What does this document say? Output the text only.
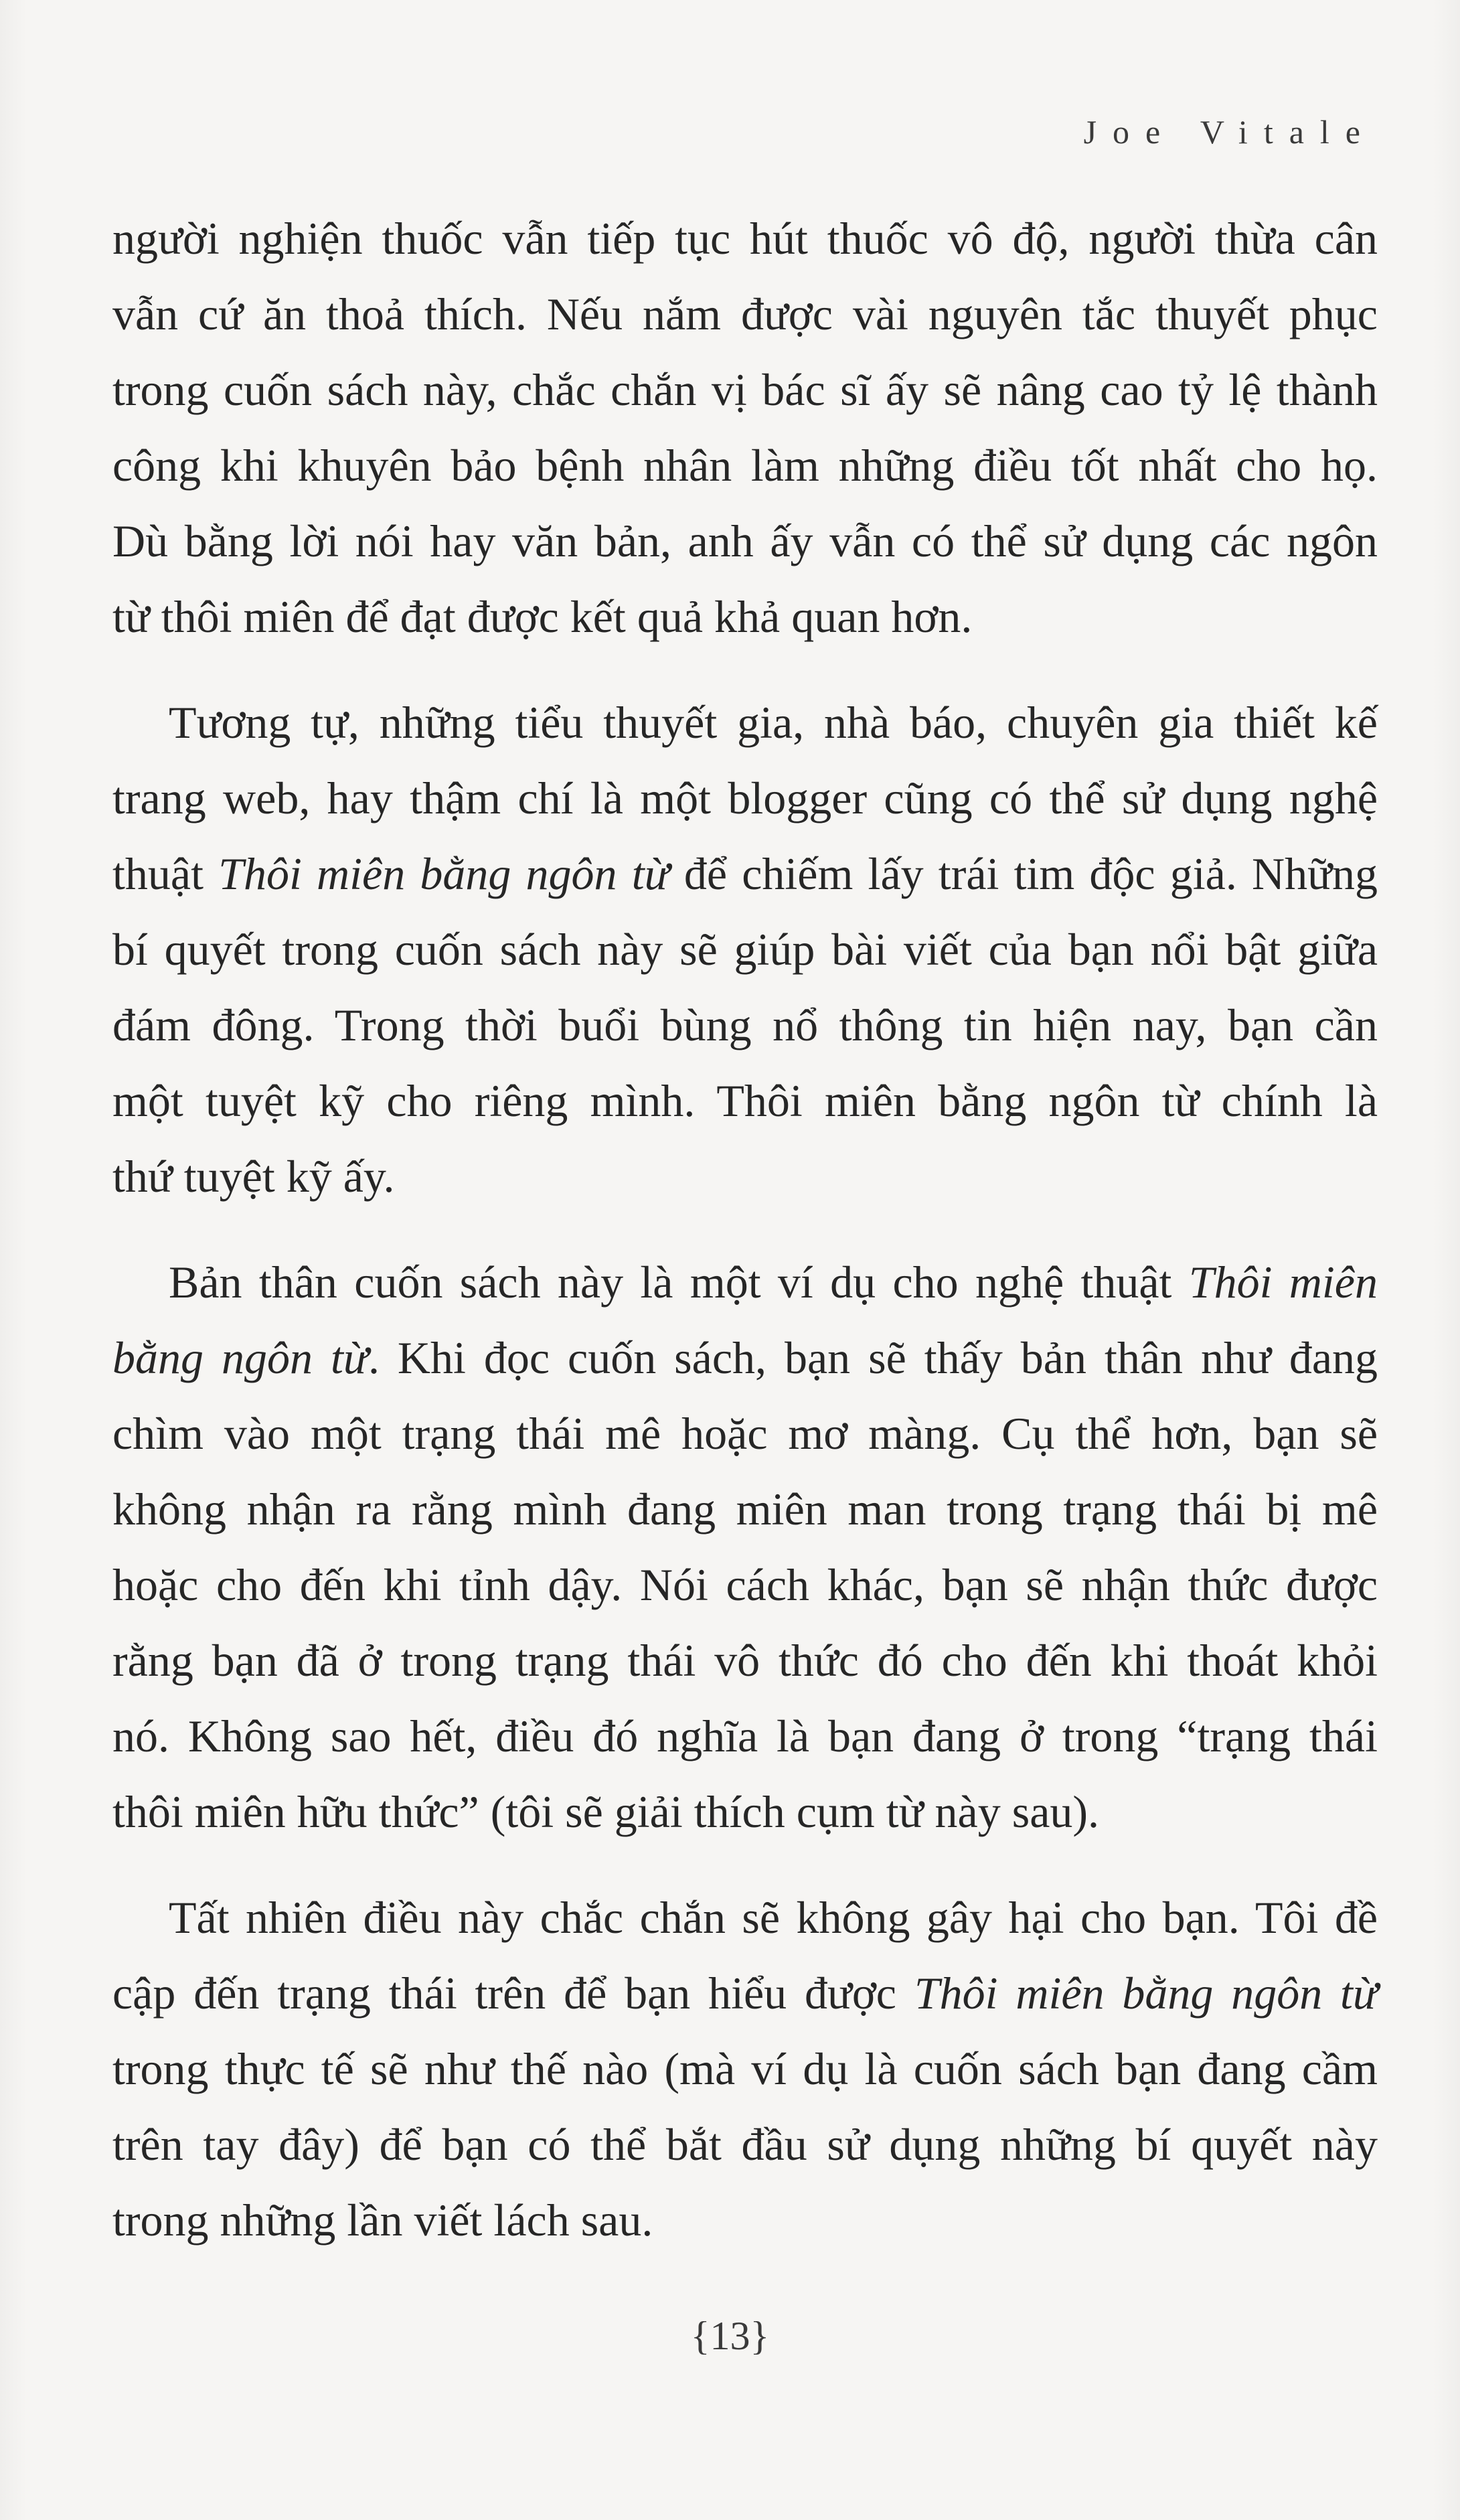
Joe Vitale
người nghiện thuốc vẫn tiếp tục hút thuốc vô độ, người thừa cân
vẫn cứ ăn thoả thích. Nếu nắm được vài nguyên tắc thuyết phục
trong cuốn sách này, chắc chắn vị bác sĩ ấy sẽ nâng cao tỷ lệ thành
công khi khuyên bảo bệnh nhân làm những điều tốt nhất cho họ.
Dù bằng lời nói hay văn bản, anh ấy vẫn có thể sử dụng các ngôn
từ thôi miên để đạt được kết quả khả quan hơn.
Tương tự, những tiểu thuyết gia, nhà báo, chuyên gia thiết kế
trang web, hay thậm chí là một blogger cũng có thể sử dụng nghệ
thuật Thôi miên bằng ngôn từ để chiếm lấy trái tim độc giả. Những
bí quyết trong cuốn sách này sẽ giúp bài viết của bạn nổi bật giữa
đám đông. Trong thời buổi bùng nổ thông tin hiện nay, bạn cần
một tuyệt kỹ cho riêng mình. Thôi miên bằng ngôn từ chính là
thứ tuyệt kỹ ấy.
Bản thân cuốn sách này là một ví dụ cho nghệ thuật Thôi miên
bằng ngôn từ. Khi đọc cuốn sách, bạn sẽ thấy bản thân như đang
chìm vào một trạng thái mê hoặc mơ màng. Cụ thể hơn, bạn sẽ
không nhận ra rằng mình đang miên man trong trạng thái bị mê
hoặc cho đến khi tỉnh dậy. Nói cách khác, bạn sẽ nhận thức được
rằng bạn đã ở trong trạng thái vô thức đó cho đến khi thoát khỏi
nó. Không sao hết, điều đó nghĩa là bạn đang ở trong “trạng thái
thôi miên hữu thức” (tôi sẽ giải thích cụm từ này sau).
Tất nhiên điều này chắc chắn sẽ không gây hại cho bạn. Tôi đề
cập đến trạng thái trên để bạn hiểu được Thôi miên bằng ngôn từ
trong thực tế sẽ như thế nào (mà ví dụ là cuốn sách bạn đang cầm
trên tay đây) để bạn có thể bắt đầu sử dụng những bí quyết này
trong những lần viết lách sau.
{13}
